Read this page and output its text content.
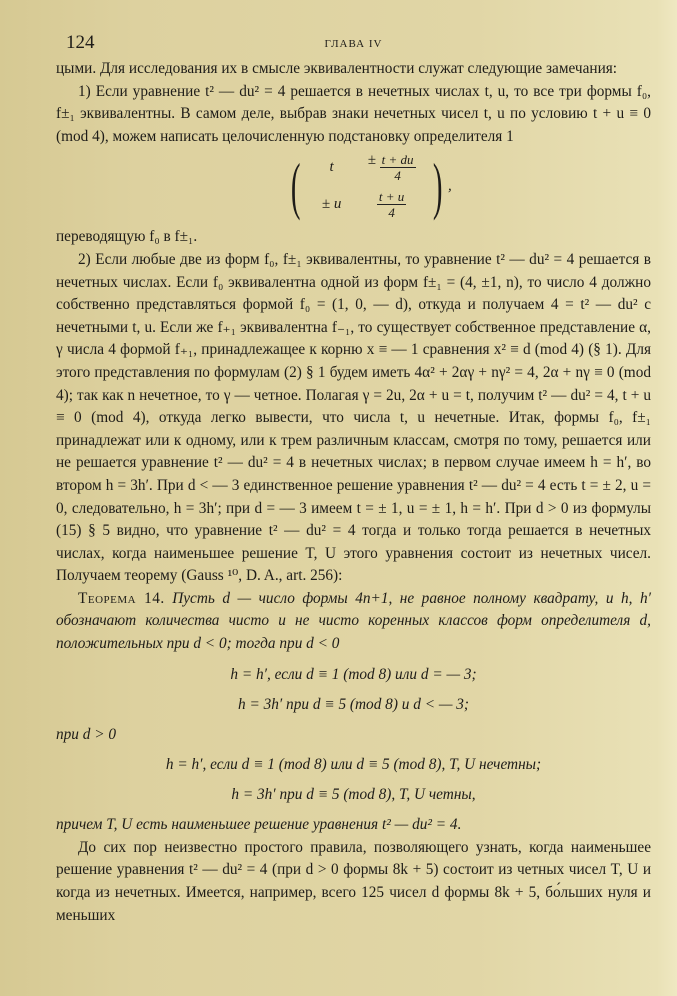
124	ГЛАВА IV

цыми. Для исследования их в смысле эквивалентности служат следующие замечания:

1) Если уравнение t² — du² = 4 решается в нечетных числах t, u, то все три формы f₀, f±₁ эквивалентны. В самом деле, выбрав знаки нечетных чисел t, u по условию t + u ≡ 0 (mod 4), можем написать целочисленную подстановку определителя 1

(	t	± $\frac{t + du}{4}$
± u	$\frac{t + u}{4}$ ) ,

переводящую f₀ в f±₁.

2) Если любые две из форм f₀, f±₁ эквивалентны, то уравнение t² — du² = 4 решается в нечетных числах. Если f₀ эквивалентна одной из форм f±₁ = (4, ±1, n), то число 4 должно собственно представляться формой f₀ = (1, 0, — d), откуда и получаем 4 = t² — du² с нечетными t, u. Если же f₊₁ эквивалентна f₋₁, то существует собственное представление α, γ числа 4 формой f₊₁, принадлежащее к корню x ≡ — 1 сравнения x² ≡ d (mod 4) (§ 1). Для этого представления по формулам (2) § 1 будем иметь 4α² + 2αγ + nγ² = 4, 2α + nγ ≡ 0 (mod 4); так как n нечетное, то γ — четное. Полагая γ = 2u, 2α + u = t, получим t² — du² = 4, t + u ≡ 0 (mod 4), откуда легко вывести, что числа t, u нечетные. Итак, формы f₀, f±₁ принадлежат или к одному, или к трем различным классам, смотря по тому, решается или не решается уравнение t² — du² = 4 в нечетных числах; в первом случае имеем h = h′, во втором h = 3h′. При d < — 3 единственное решение уравнения t² — du² = 4 есть t = ± 2, u = 0, следовательно, h = 3h′; при d = — 3 имеем t = ± 1, u = ± 1, h = h′. При d > 0 из формулы (15) § 5 видно, что уравнение t² — du² = 4 тогда и только тогда решается в нечетных числах, когда наименьшее решение T, U этого уравнения состоит из нечетных чисел. Получаем теорему (Gauss ¹⁰, D. A., art. 256):

Теорема 14. Пусть d — число формы 4n+1, не равное полному квадрату, и h, h′ обозначают количества чисто и не чисто коренных классов форм определителя d, положительных при d < 0; тогда при d < 0

h = h′, если d ≡ 1 (mod 8) или d = — 3;
h = 3h′ при d ≡ 5 (mod 8) и d < — 3;

при d > 0

h = h′, если d ≡ 1 (mod 8) или d ≡ 5 (mod 8), T, U нечетны;
h = 3h′ при d ≡ 5 (mod 8), T, U четны,

причем T, U есть наименьшее решение уравнения t² — du² = 4.

До сих пор неизвестно простого правила, позволяющего узнать, когда наименьшее решение уравнения t² — du² = 4 (при d > 0 формы 8k + 5) состоит из четных чисел T, U и когда из нечетных. Имеется, например, всего 125 чисел d формы 8k + 5, бо́льших нуля и меньших
